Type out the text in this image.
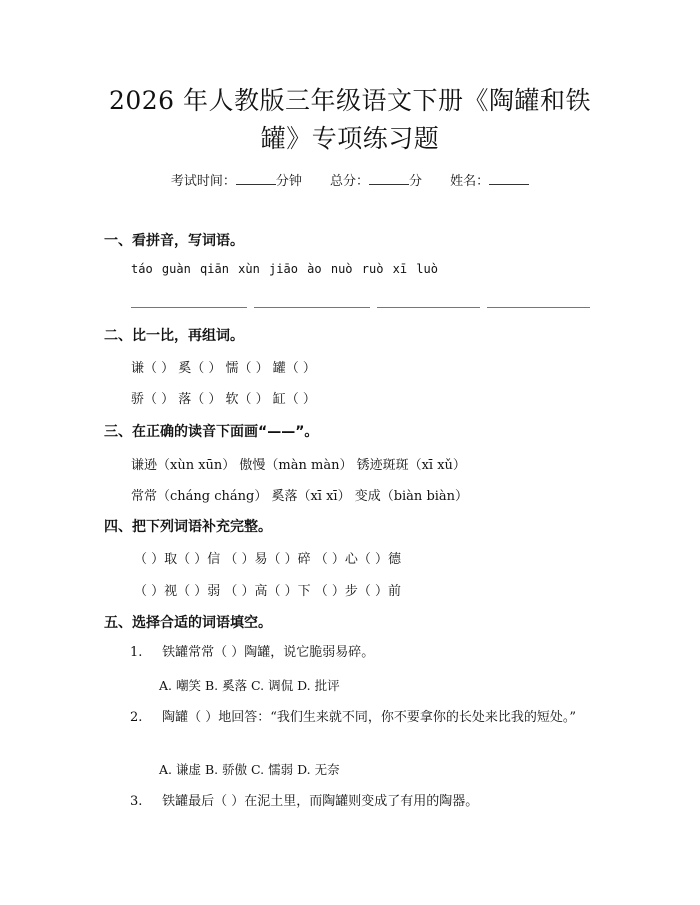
2026 年人教版三年级语文下册《陶罐和铁
罐》专项练习题
考试时间：	分钟 总分：	分 姓名：
一、看拼音，写词语。
táo guàn qiān xùn jiāo ào nuò ruò xī luò
二、比一比，再组词。
谦（ ） 奚（ ） 懦（ ） 罐（ ）
骄（ ） 落（ ） 软（ ） 缸（ ）
三、在正确的读音下面画“——”。
谦逊（xùn xūn） 傲慢（màn màn） 锈迹斑斑（xī xǔ）
常常（cháng cháng） 奚落（xī xī） 变成（biàn biàn）
四、把下列词语补充完整。
（ ）取（ ）信 （ ）易（ ）碎 （ ）心（ ）德
（ ）视（ ）弱 （ ）高（ ）下 （ ）步（ ）前
五、选择合适的词语填空。
1. 铁罐常常（ ）陶罐，说它脆弱易碎。
A. 嘲笑 B. 奚落 C. 调侃 D. 批评
2. 陶罐（ ）地回答：“我们生来就不同，你不要拿你的长处来比我的短处。”
A. 谦虚 B. 骄傲 C. 懦弱 D. 无奈
3. 铁罐最后（ ）在泥土里，而陶罐则变成了有用的陶器。
